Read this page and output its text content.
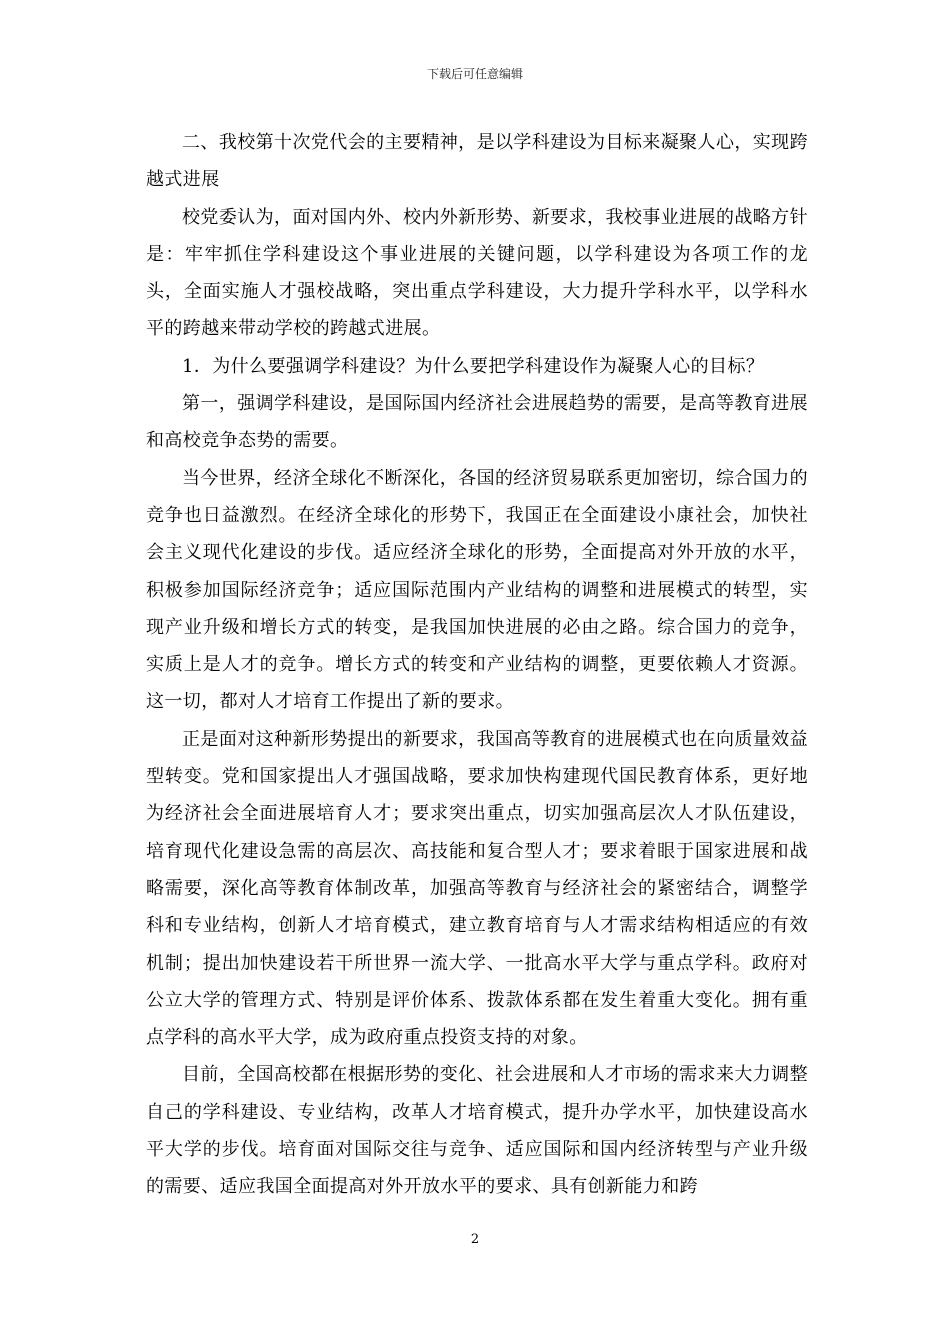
下载后可任意编辑

二、我校第十次党代会的主要精神，是以学科建设为目标来凝聚人心，实现跨越式进展

校党委认为，面对国内外、校内外新形势、新要求，我校事业进展的战略方针是：牢牢抓住学科建设这个事业进展的关键问题，以学科建设为各项工作的龙头，全面实施人才强校战略，突出重点学科建设，大力提升学科水平，以学科水平的跨越来带动学校的跨越式进展。

1．为什么要强调学科建设？为什么要把学科建设作为凝聚人心的目标？

第一，强调学科建设，是国际国内经济社会进展趋势的需要，是高等教育进展和高校竞争态势的需要。

当今世界，经济全球化不断深化，各国的经济贸易联系更加密切，综合国力的竞争也日益激烈。在经济全球化的形势下，我国正在全面建设小康社会，加快社会主义现代化建设的步伐。适应经济全球化的形势，全面提高对外开放的水平，积极参加国际经济竞争；适应国际范围内产业结构的调整和进展模式的转型，实现产业升级和增长方式的转变，是我国加快进展的必由之路。综合国力的竞争，实质上是人才的竞争。增长方式的转变和产业结构的调整，更要依赖人才资源。这一切，都对人才培育工作提出了新的要求。

正是面对这种新形势提出的新要求，我国高等教育的进展模式也在向质量效益型转变。党和国家提出人才强国战略，要求加快构建现代国民教育体系，更好地为经济社会全面进展培育人才；要求突出重点，切实加强高层次人才队伍建设，培育现代化建设急需的高层次、高技能和复合型人才；要求着眼于国家进展和战略需要，深化高等教育体制改革，加强高等教育与经济社会的紧密结合，调整学科和专业结构，创新人才培育模式，建立教育培育与人才需求结构相适应的有效机制；提出加快建设若干所世界一流大学、一批高水平大学与重点学科。政府对公立大学的管理方式、特别是评价体系、拨款体系都在发生着重大变化。拥有重点学科的高水平大学，成为政府重点投资支持的对象。

目前，全国高校都在根据形势的变化、社会进展和人才市场的需求来大力调整自己的学科建设、专业结构，改革人才培育模式，提升办学水平，加快建设高水平大学的步伐。培育面对国际交往与竞争、适应国际和国内经济转型与产业升级的需要、适应我国全面提高对外开放水平的要求、具有创新能力和跨

2
